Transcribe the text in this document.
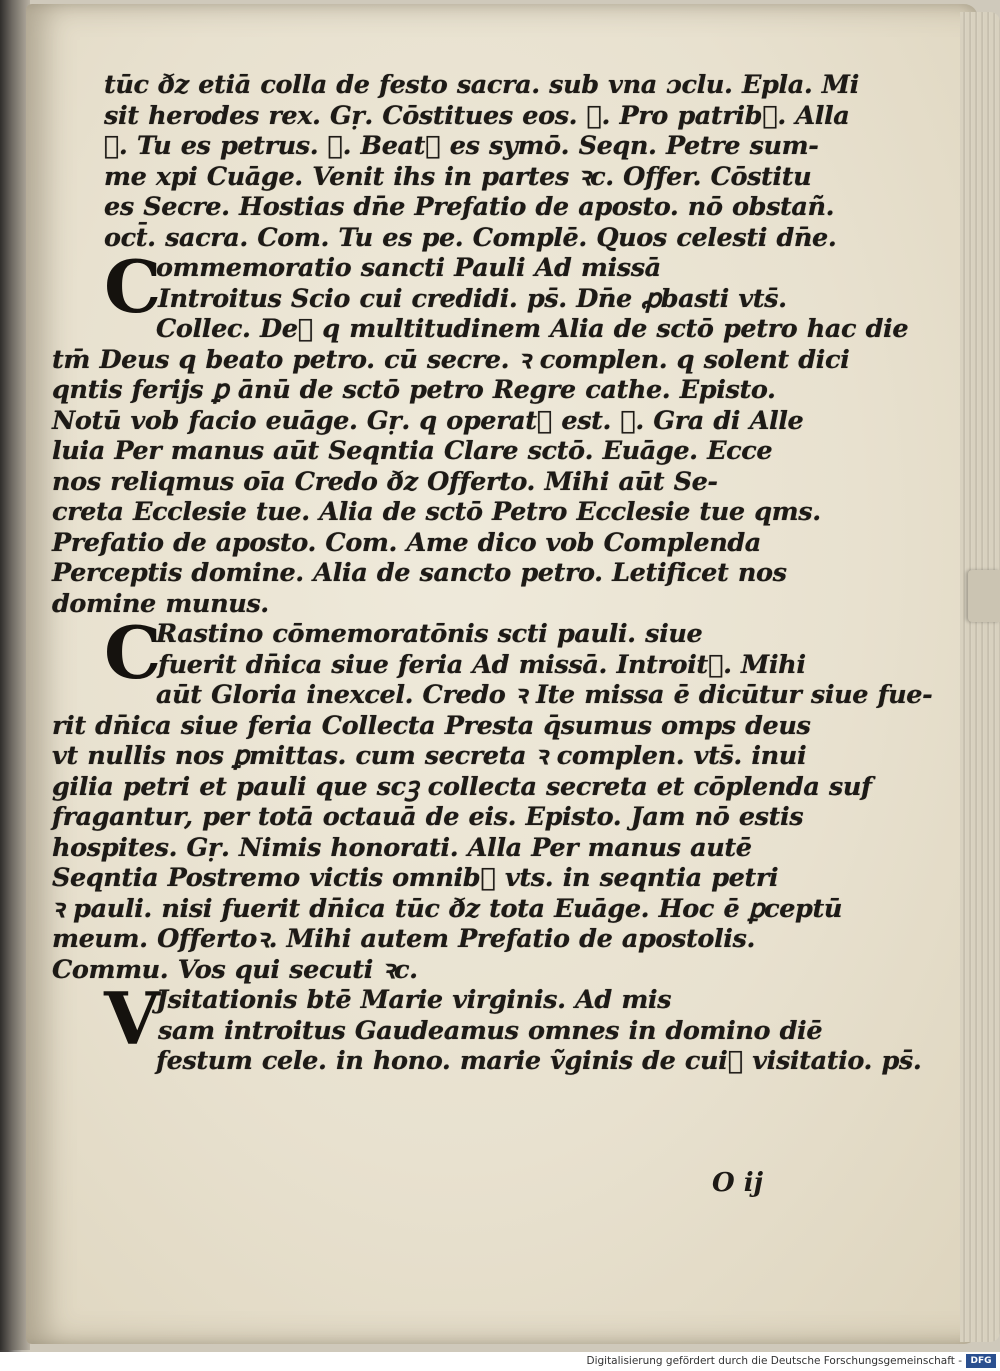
tūc ðz etiā colla de festo sacra. sub vna ɔclu. Epla. Mi
sit herodes rex. Gṛ. Cōstitues eos. ℣. Pro patrib᷒. Alla
℣. Tu es petrus. ℣. Beat᷒ es symō. Seqn. Petre sum-
me xpi Cuāge. Venit ihs in partes ꝛc. Offer. Cōstitu
es Secre. Hostias dn̄e Prefatio de aposto. nō obstañ.
oct̄. sacra. Com. Tu es pe. Complē. Quos celesti dn̄e.
C
ommemoratio sancti Pauli Ad missā
Introitus Scio cui credidi. ps̄. Dn̄e ꝓbasti vts̄.
Collec. De᷒ q multitudinem Alia de sctō petro hac die
tm̄ Deus q beato petro. cū secre. ꝛ complen. q solent dici
qntis ferijs ꝑ ānū de sctō petro Regre cathe. Episto.
Notū vob facio euāge. Gṛ. q operat᷒ est. ℣. Gra di Alle
luia Per manus aūt Seqntia Clare sctō. Euāge. Ecce
nos reliqmus oīa Credo ðz Offerto. Mihi aūt Se-
creta Ecclesie tue. Alia de sctō Petro Ecclesie tue qms.
Prefatio de aposto. Com. Ame dico vob Complenda
Perceptis domine. Alia de sancto petro. Letificet nos
domine munus.
C
Rastino cōmemoratōnis scti pauli. siue
fuerit dn̄ica siue feria Ad missā. Introit᷒. Mihi
aūt Gloria inexcel. Credo ꝛ Ite missa ē dicūtur siue fue-
rit dn̄ica siue feria Collecta Presta q̄sumus omps deus
vt nullis nos ꝑmittas. cum secreta ꝛ complen. vts̄. inui
gilia petri et pauli que scꝫ collecta secreta et cōplenda suf
fragantur, per totā octauā de eis. Episto. Jam nō estis
hospites. Gṛ. Nimis honorati. Alla Per manus autē
Seqntia Postremo victis omnib᷒ vts. in seqntia petri
ꝛ pauli. nisi fuerit dn̄ica tūc ðz tota Euāge. Hoc ē ꝑceptū
meum. Offertoꝛ. Mihi autem Prefatio de apostolis.
Commu. Vos qui secuti ꝛc.
V
Jsitationis btē Marie virginis. Ad mis
sam introitus Gaudeamus omnes in domino diē
festum cele. in hono. marie ṽginis de cui᷒ visitatio. ps̄.
O ij
Digitalisierung gefördert durch die Deutsche Forschungsgemeinschaft - DFG
